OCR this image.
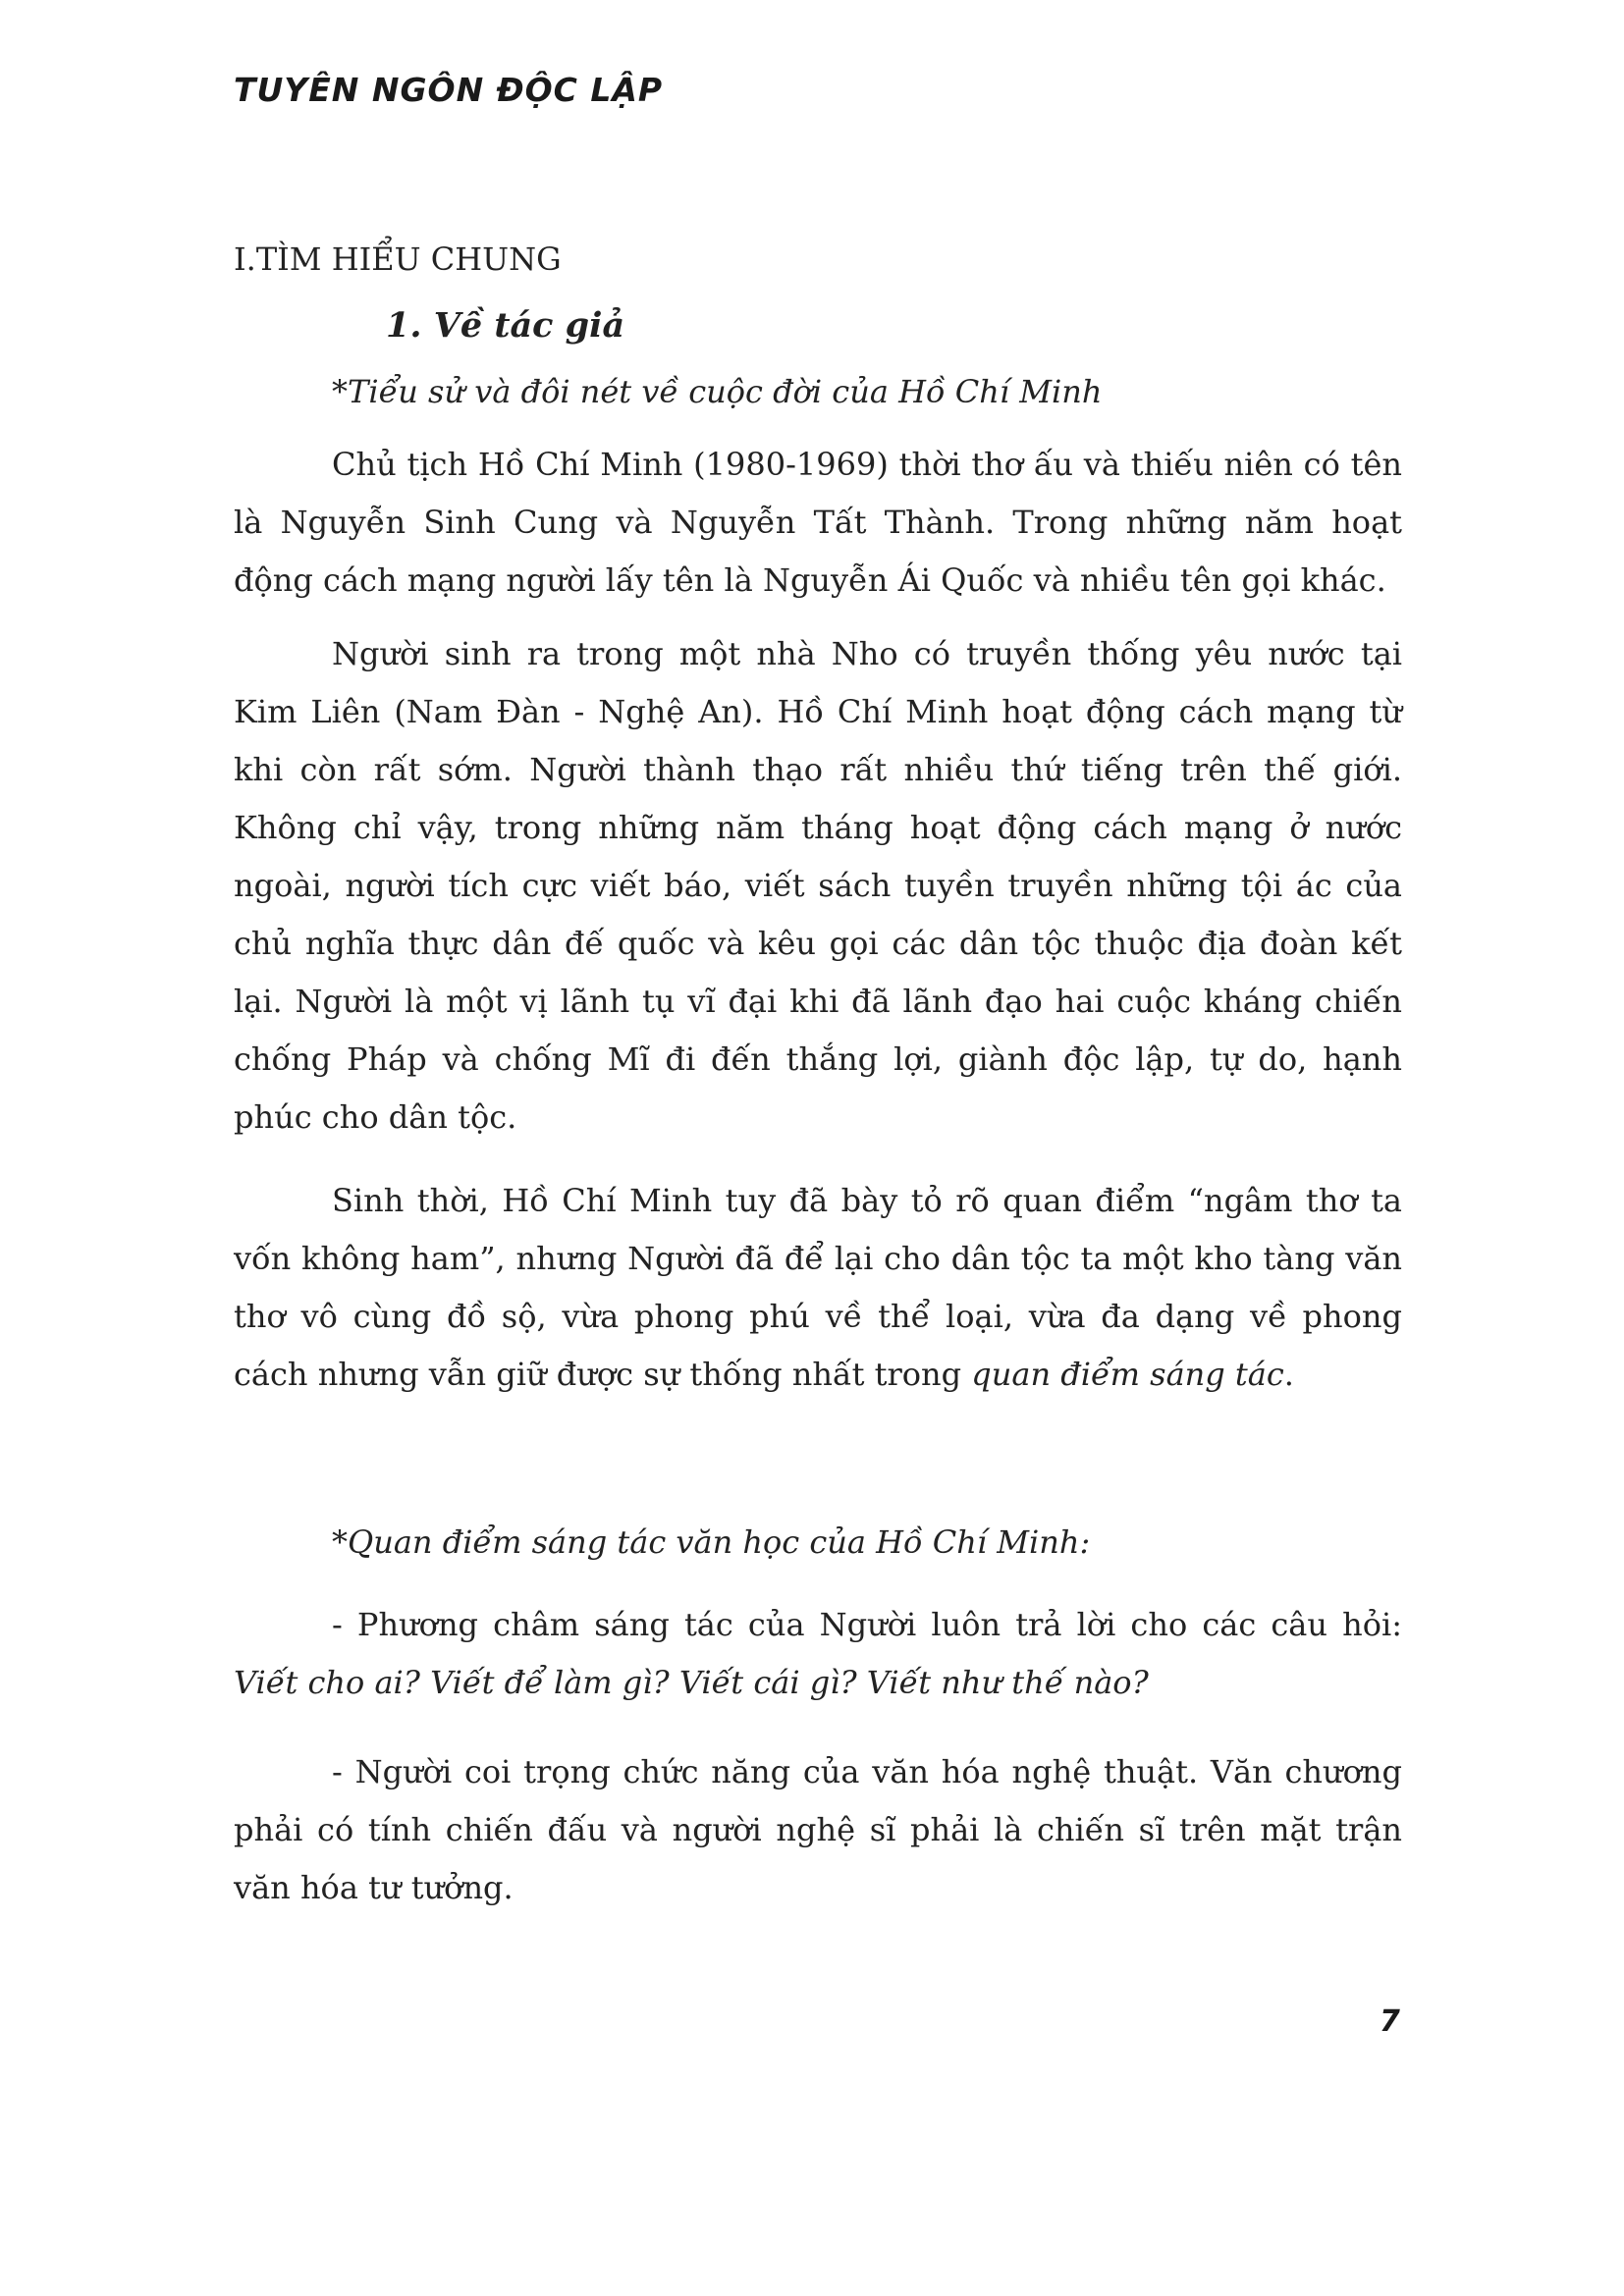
TUYÊN NGÔN ĐỘC LẬP
I.TÌM HIỂU CHUNG
1. Về tác giả

*Tiểu sử và đôi nét về cuộc đời của Hồ Chí Minh

Chủ tịch Hồ Chí Minh (1980-1969) thời thơ ấu và thiếu niên có tên là Nguyễn Sinh Cung và Nguyễn Tất Thành. Trong những năm hoạt động cách mạng người lấy tên là Nguyễn Ái Quốc và nhiều tên gọi khác.

Người sinh ra trong một nhà Nho có truyền thống yêu nước tại Kim Liên (Nam Đàn - Nghệ An). Hồ Chí Minh hoạt động cách mạng từ khi còn rất sớm. Người thành thạo rất nhiều thứ tiếng trên thế giới. Không chỉ vậy, trong những năm tháng hoạt động cách mạng ở nước ngoài, người tích cực viết báo, viết sách tuyền truyền những tội ác của chủ nghĩa thực dân đế quốc và kêu gọi các dân tộc thuộc địa đoàn kết lại. Người là một vị lãnh tụ vĩ đại khi đã lãnh đạo hai cuộc kháng chiến chống Pháp và chống Mĩ đi đến thắng lợi, giành độc lập, tự do, hạnh phúc cho dân tộc.

Sinh thời, Hồ Chí Minh tuy đã bày tỏ rõ quan điểm “ngâm thơ ta vốn không ham”, nhưng Người đã để lại cho dân tộc ta một kho tàng văn thơ vô cùng đồ sộ, vừa phong phú về thể loại, vừa đa dạng về phong cách nhưng vẫn giữ được sự thống nhất trong quan điểm sáng tác.

*Quan điểm sáng tác văn học của Hồ Chí Minh:

- Phương châm sáng tác của Người luôn trả lời cho các câu hỏi: Viết cho ai? Viết để làm gì? Viết cái gì? Viết như thế nào?

- Người coi trọng chức năng của văn hóa nghệ thuật. Văn chương phải có tính chiến đấu và người nghệ sĩ phải là chiến sĩ trên mặt trận văn hóa tư tưởng.

7
